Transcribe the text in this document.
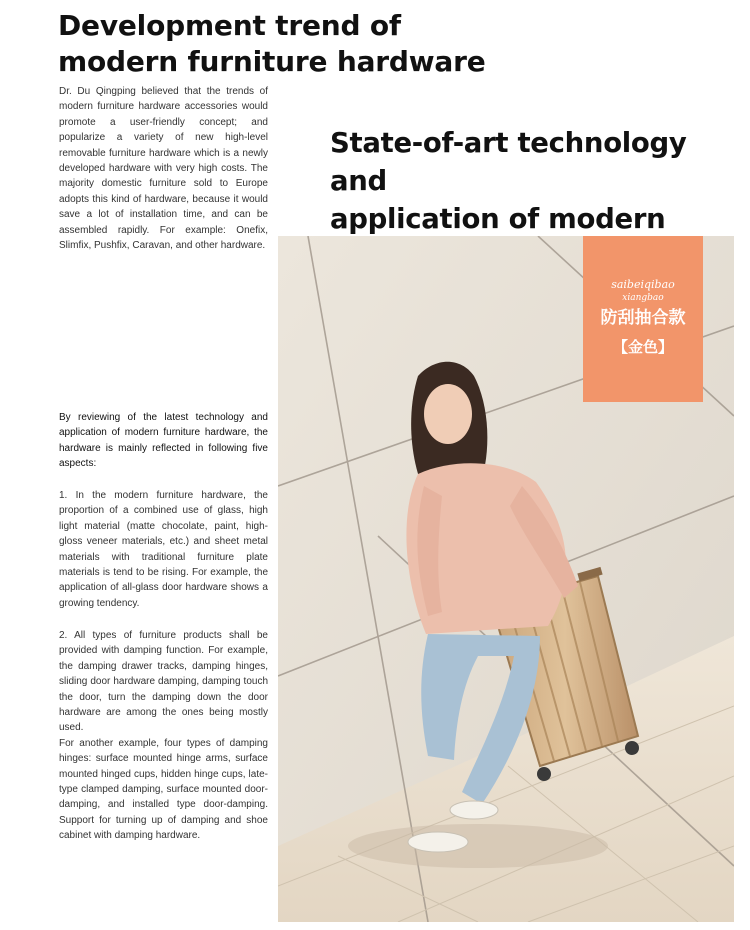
Development trend of
modern furniture hardware
State-of-art technology and
application of modern

Dr. Du Qingping believed that the trends of modern furniture hardware accessories would promote a user-friendly concept; and popularize a variety of new high-level removable furniture hardware which is a newly developed hardware with very high costs. The majority domestic furniture sold to Europe adopts this kind of hardware, because it would save a lot of installation time, and can be assembled rapidly. For example: Onefix, Slimfix, Pushfix, Caravan, and other hardware.

By reviewing of the latest technology and application of modern furniture hardware, the hardware is mainly reflected in following five aspects:

1. In the modern furniture hardware, the proportion of a combined use of glass, high light material (matte chocolate, paint, high-gloss veneer materials, etc.) and sheet metal materials with traditional furniture plate materials is tend to be rising. For example, the application of all-glass door hardware shows a growing tendency.

2. All types of furniture products shall be provided with damping function. For example, the damping drawer tracks, damping hinges, sliding door hardware damping, damping touch the door, turn the damping down the door hardware are among the ones being mostly used.

For another example, four types of damping hinges: surface mounted hinge arms, surface mounted hinged cups, hidden hinge cups, late-type clamped damping, surface mounted door- damping, and installed type door-damping. Support for turning up of damping and shoe cabinet with damping hardware.

saibeiqibao
xiangbao
防刮抽合款
【金色】
